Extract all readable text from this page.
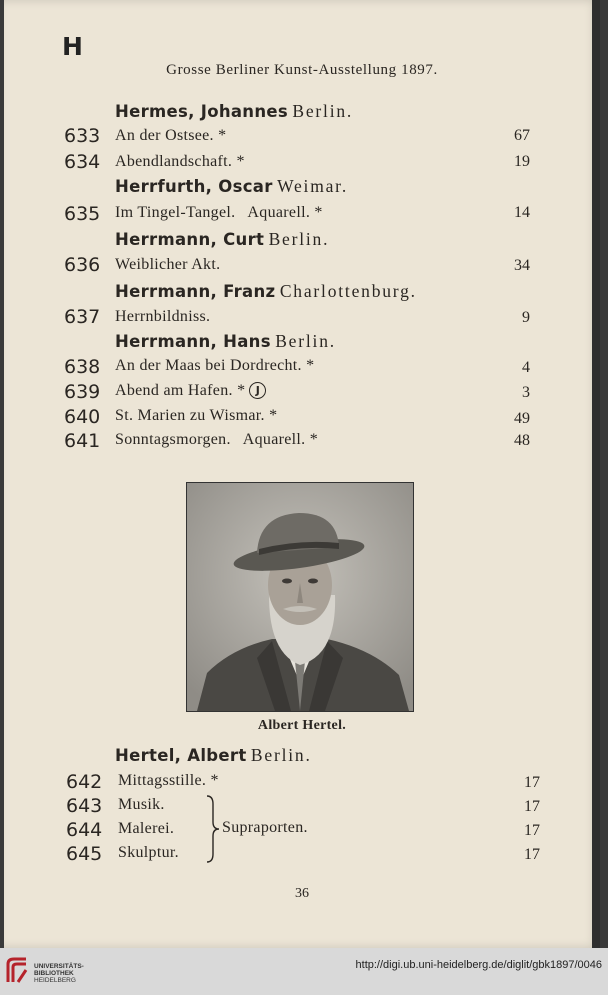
H
Grosse Berliner Kunst-Ausstellung 1897.
Hermes, Johannes Berlin.
633 An der Ostsee. *	67
634 Abendlandschaft. *	19
Herrfurth, Oscar Weimar.
635 Im Tingel-Tangel.   Aquarell. *	14
Herrmann, Curt Berlin.
636 Weiblicher Akt.	34
Herrmann, Franz Charlottenburg.
637 Herrnbildniss.	9
Herrmann, Hans Berlin.
638 An der Maas bei Dordrecht. *	4
639 Abend am Hafen. * J	3
640 St. Marien zu Wismar. *	49
641 Sonntagsmorgen.   Aquarell. *	48
Albert Hertel.
Hertel, Albert Berlin.
642 Mittagsstille. *	17
643 Musik.	17
644 Malerei.	17
645 Skulptur.	17
Supraporten.
36
UNIVERSITÄTS-
BIBLIOTHEK
HEIDELBERG
http://digi.ub.uni-heidelberg.de/diglit/gbk1897/0046
